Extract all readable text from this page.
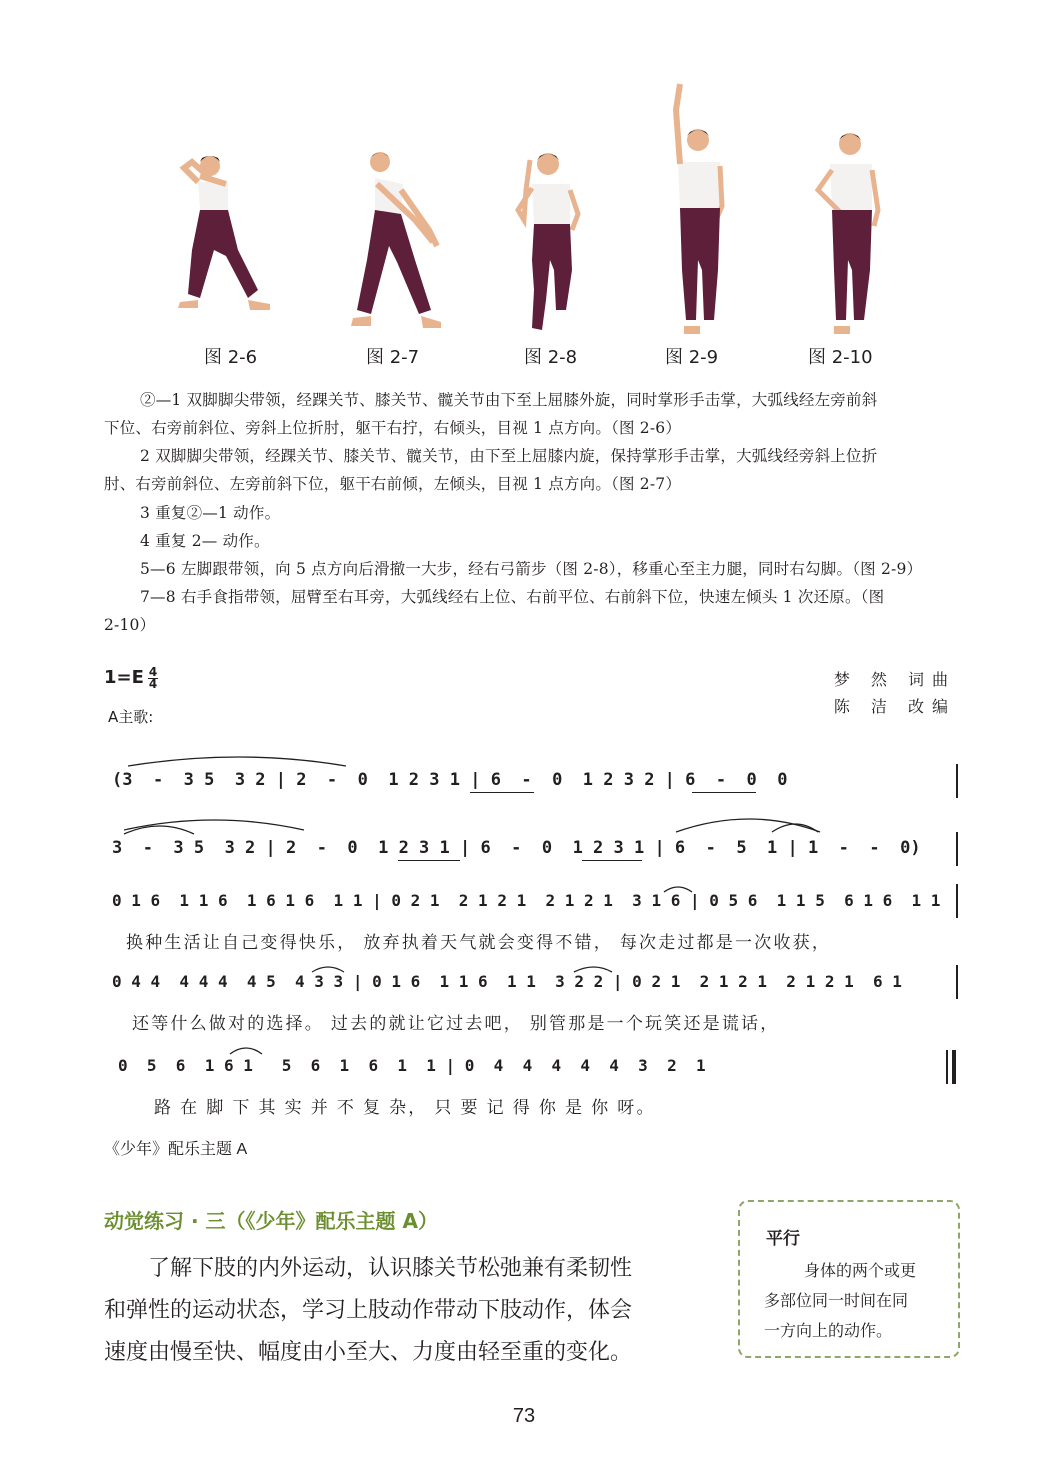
图 2-6	图 2-7	图 2-8	图 2-9	图 2-10
②—1 双脚脚尖带领，经踝关节、膝关节、髋关节由下至上屈膝外旋，同时掌形手击掌，大弧线经左旁前斜
下位、右旁前斜位、旁斜上位折肘，躯干右拧，右倾头，目视 1 点方向。（图 2-6）
2 双脚脚尖带领，经踝关节、膝关节、髋关节，由下至上屈膝内旋，保持掌形手击掌，大弧线经旁斜上位折
肘、右旁前斜位、左旁前斜下位，躯干右前倾，左倾头，目视 1 点方向。（图 2-7）
3 重复②—1 动作。
4 重复 2— 动作。
5—6 左脚跟带领，向 5 点方向后滑撤一大步，经右弓箭步（图 2-8），移重心至主力腿，同时右勾脚。（图 2-9）
7—8 右手食指带领，屈臂至右耳旁，大弧线经右上位、右前平位、右前斜下位，快速左倾头 1 次还原。（图
2-10）
1=E 4
4
A主歌:
梦 然 词曲
陈 洁 改编
(3  -  3 5  3 2 | 2  -  0  1 2 3 1 | 6  -  0  1 2 3 2 | 6  -  0  0
3  -  3 5  3 2 | 2  -  0  1 2 3 1 | 6  -  0  1 2 3 1 | 6  -  5  1 | 1  -  -  0)
0 1 6  1 1 6  1 6 1 6  1 1 | 0 2 1  2 1 2 1  2 1 2 1  3 1 6 | 0 5 6  1 1 5  6 1 6  1 1
换种生活让自己变得快乐， 放弃执着天气就会变得不错， 每次走过都是一次收获，
0 4 4  4 4 4  4 5  4 3 3 | 0 1 6  1 1 6  1 1  3 2 2 | 0 2 1  2 1 2 1  2 1 2 1  6 1
还等什么做对的选择。 过去的就让它过去吧， 别管那是一个玩笑还是谎话，
0  5  6  1 6 1   5  6  1  6  1  1 | 0  4  4  4  4  4  3  2  1
路 在 脚 下 其 实 并 不 复 杂， 只 要 记 得 你 是 你 呀。
《少年》配乐主题 A
动觉练习 · 三（《少年》配乐主题 A）

了解下肢的内外运动，认识膝关节松弛兼有柔韧性

和弹性的运动状态，学习上肢动作带动下肢动作，体会

速度由慢至快、幅度由小至大、力度由轻至重的变化。

平行
身体的两个或更
多部位同一时间在同
一方向上的动作。
73
